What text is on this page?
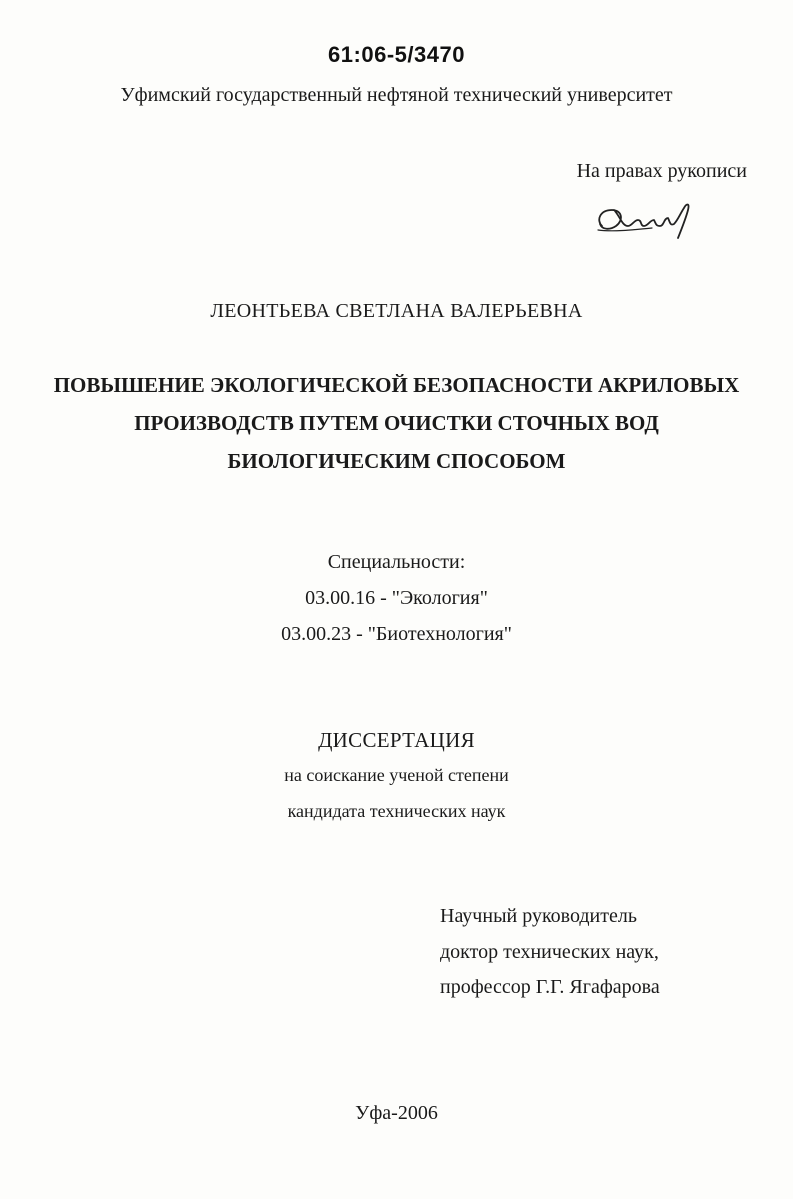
61:06-5/3470
Уфимский государственный нефтяной технический университет
На правах рукописи
ЛЕОНТЬЕВА СВЕТЛАНА ВАЛЕРЬЕВНА
ПОВЫШЕНИЕ ЭКОЛОГИЧЕСКОЙ БЕЗОПАСНОСТИ АКРИЛОВЫХ
ПРОИЗВОДСТВ ПУТЕМ ОЧИСТКИ СТОЧНЫХ ВОД
БИОЛОГИЧЕСКИМ СПОСОБОМ
Специальности:
03.00.16 - "Экология"
03.00.23 - "Биотехнология"
ДИССЕРТАЦИЯ
на соискание ученой степени
кандидата технических наук
Научный руководитель
доктор технических наук,
профессор Г.Г. Ягафарова
Уфа-2006
